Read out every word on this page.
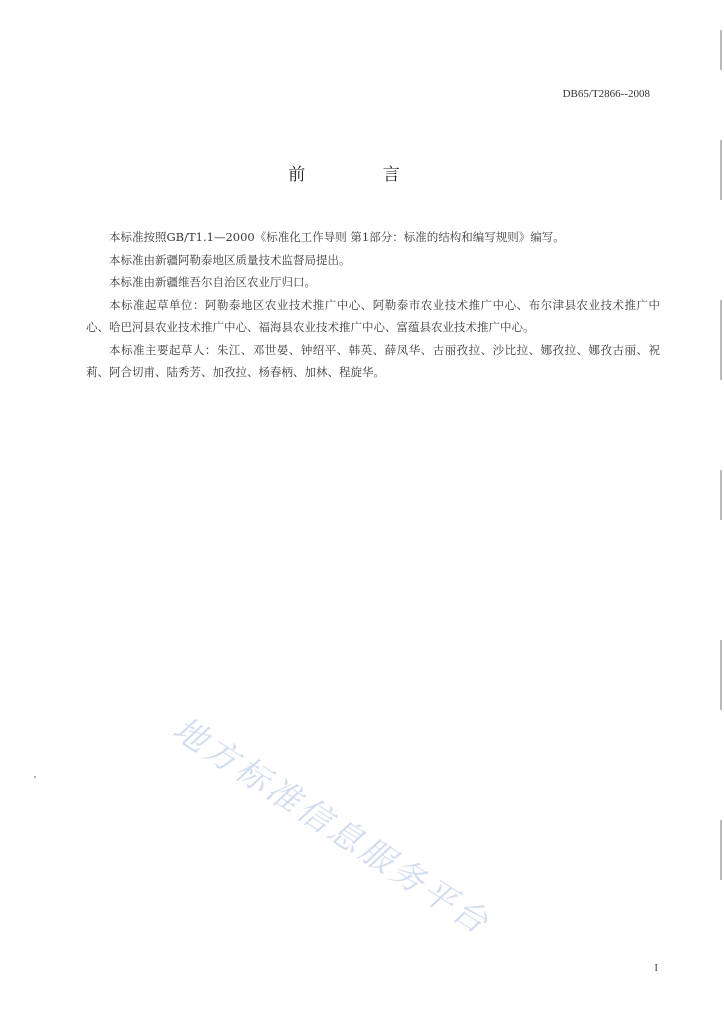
DB65/T2866--2008
前 言

本标准按照GB/T1.1—2000《标准化工作导则 第1部分：标准的结构和编写规则》编写。

本标准由新疆阿勒泰地区质量技术监督局提出。

本标准由新疆维吾尔自治区农业厅归口。

本标准起草单位：阿勒泰地区农业技术推广中心、阿勒泰市农业技术推广中心、布尔津县农业技术推广中心、哈巴河县农业技术推广中心、福海县农业技术推广中心、富蕴县农业技术推广中心。

本标准主要起草人：朱江、邓世晏、钟绍平、韩英、薛凤华、古丽孜拉、沙比拉、娜孜拉、娜孜古丽、祝莉、阿合切甫、陆秀芳、加孜拉、杨春柄、加林、程旋华。

地方标准信息服务平台
I
